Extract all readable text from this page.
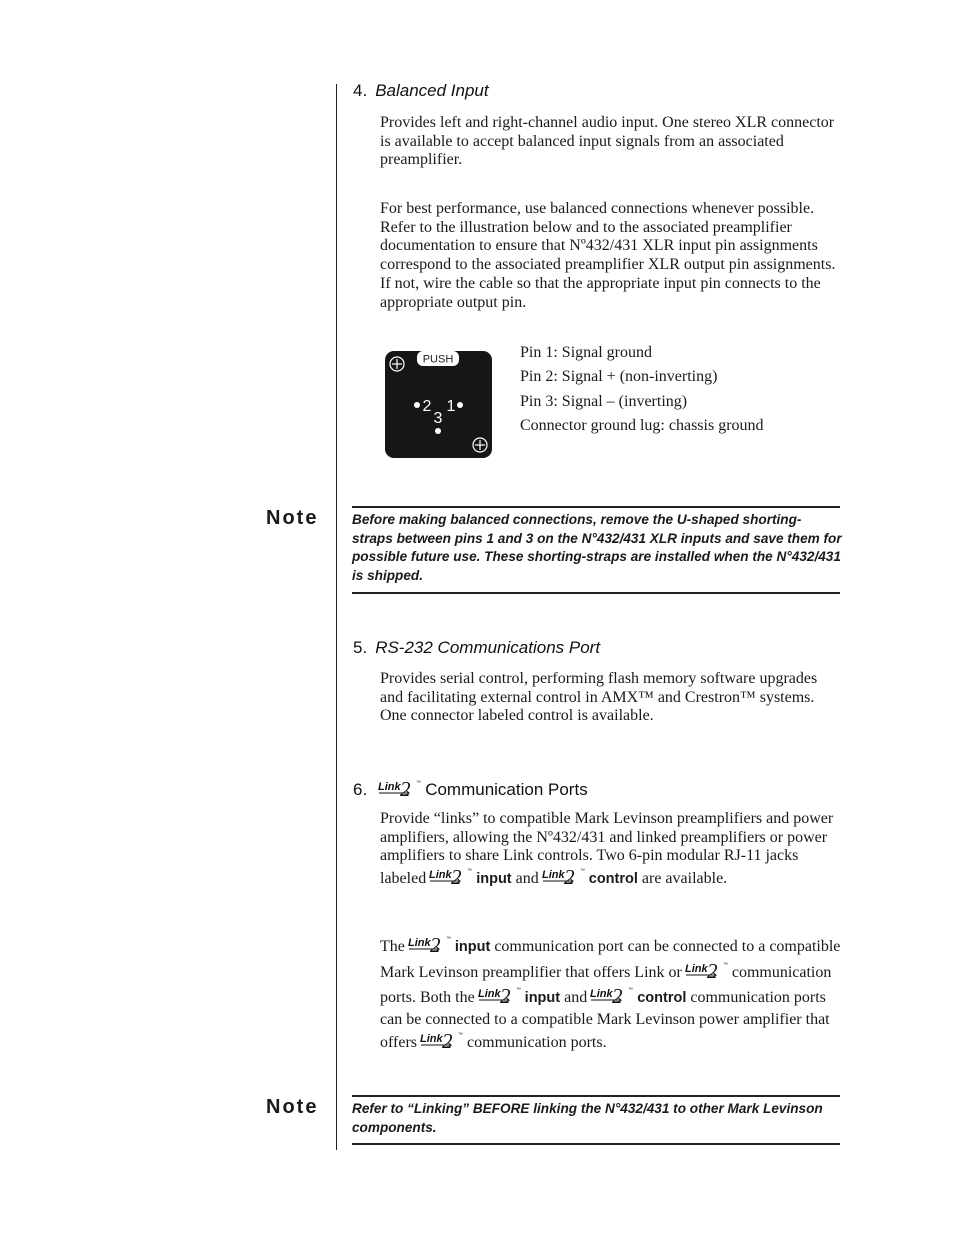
4. Balanced Input

Provides left and right-channel audio input. One stereo XLR connector is available to accept balanced input signals from an associated preamplifier.

For best performance, use balanced connections whenever possible. Refer to the illustration below and to the associated preamplifier documentation to ensure that Nº432/431 XLR input pin assignments correspond to the associated preamplifier XLR output pin assignments. If not, wire the cable so that the appropriate input pin connects to the appropriate output pin.

PUSH
2 1
3
Pin 1: Signal ground
Pin 2: Signal + (non-inverting)
Pin 3: Signal – (inverting)
Connector ground lug: chassis ground
Note Before making balanced connections, remove the U-shaped shorting-straps between pins 1 and 3 on the N°432/431 XLR inputs and save them for possible future use. These shorting-straps are installed when the N°432/431 is shipped.

5. RS-232 Communications Port

Provides serial control, performing flash memory software upgrades and facilitating external control in AMX™ and Crestron™ systems. One connector labeled control is available.

6. Link 2 ™ Communication Ports

Provide “links” to compatible Mark Levinson preamplifiers and power amplifiers, allowing the Nº432/431 and linked preamplifiers or power amplifiers to share Link controls. Two 6-pin modular RJ-11 jacks labeled Link 2 ™ input and Link 2 ™ control are available.

The Link 2 ™ input communication port can be connected to a compatible Mark Levinson preamplifier that offers Link or Link 2 ™ communication ports. Both the Link 2 ™ input and Link 2 ™ control communication ports can be connected to a compatible Mark Levinson power amplifier that offers Link 2 ™ communication ports.

Note Refer to “Linking” BEFORE linking the N°432/431 to other Mark Levinson components.
